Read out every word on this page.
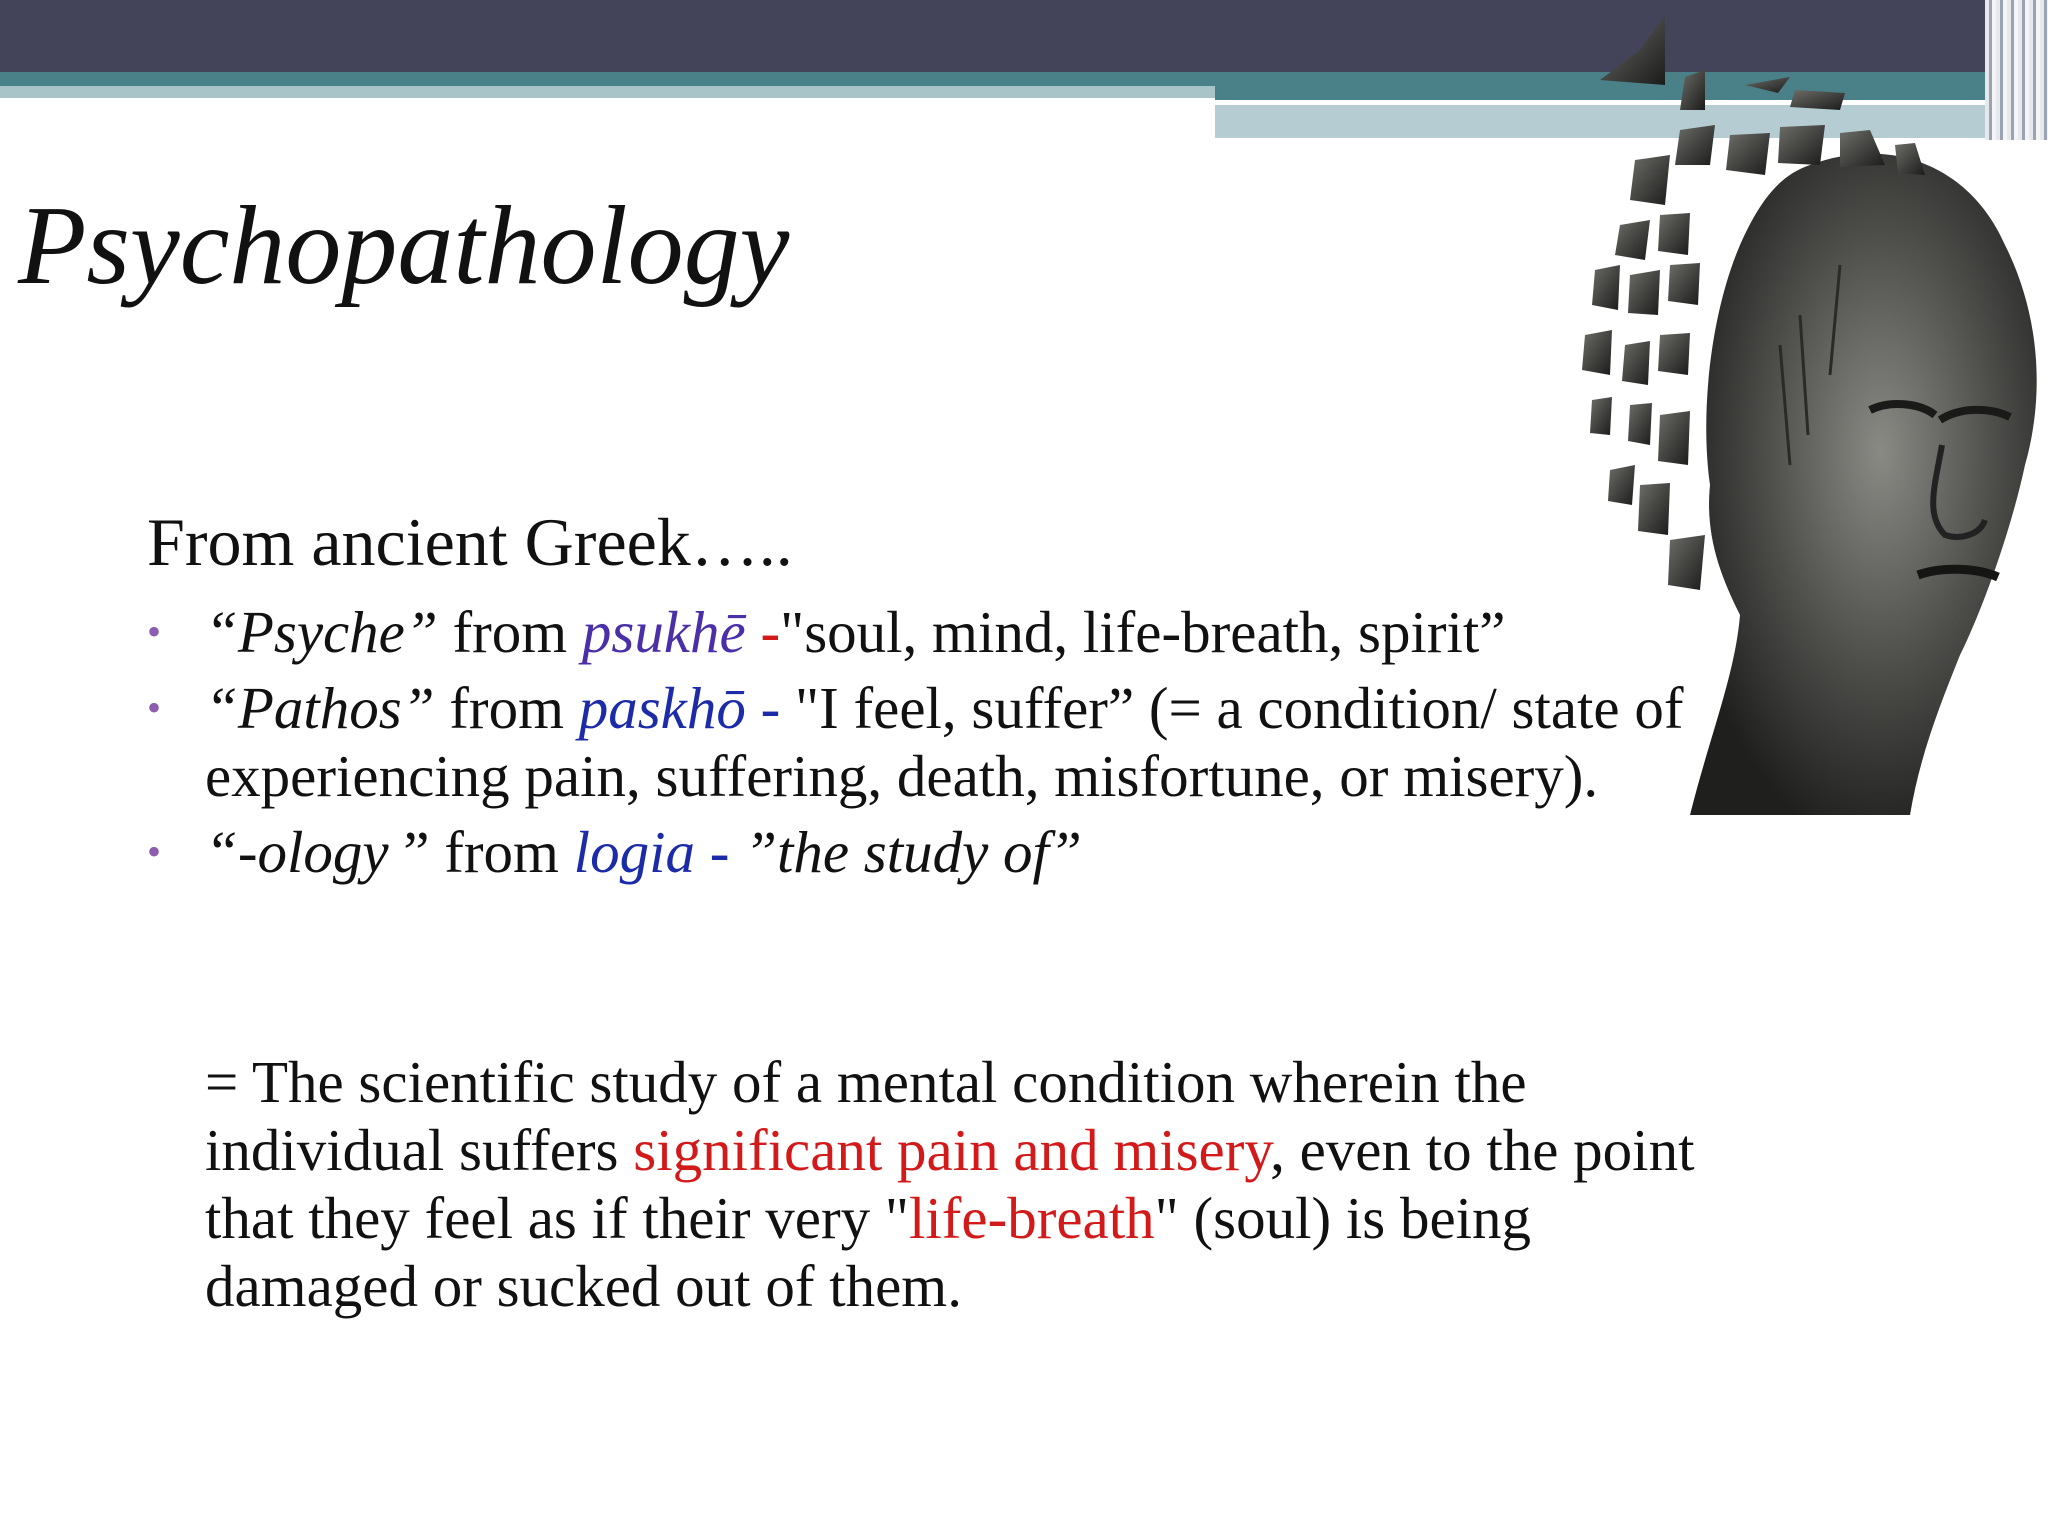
Psychopathology
From ancient Greek…..
• “Psyche” from psukhē -"soul, mind, life-breath, spirit”
• “Pathos” from paskhō - "I feel, suffer” (= a condition/ state of experiencing pain, suffering, death, misfortune, or misery).
• “-ology ” from logia - ”the study of”
= The scientific study of a mental condition wherein the individual suffers significant pain and misery, even to the point that they feel as if their very "life-breath" (soul) is being damaged or sucked out of them.
